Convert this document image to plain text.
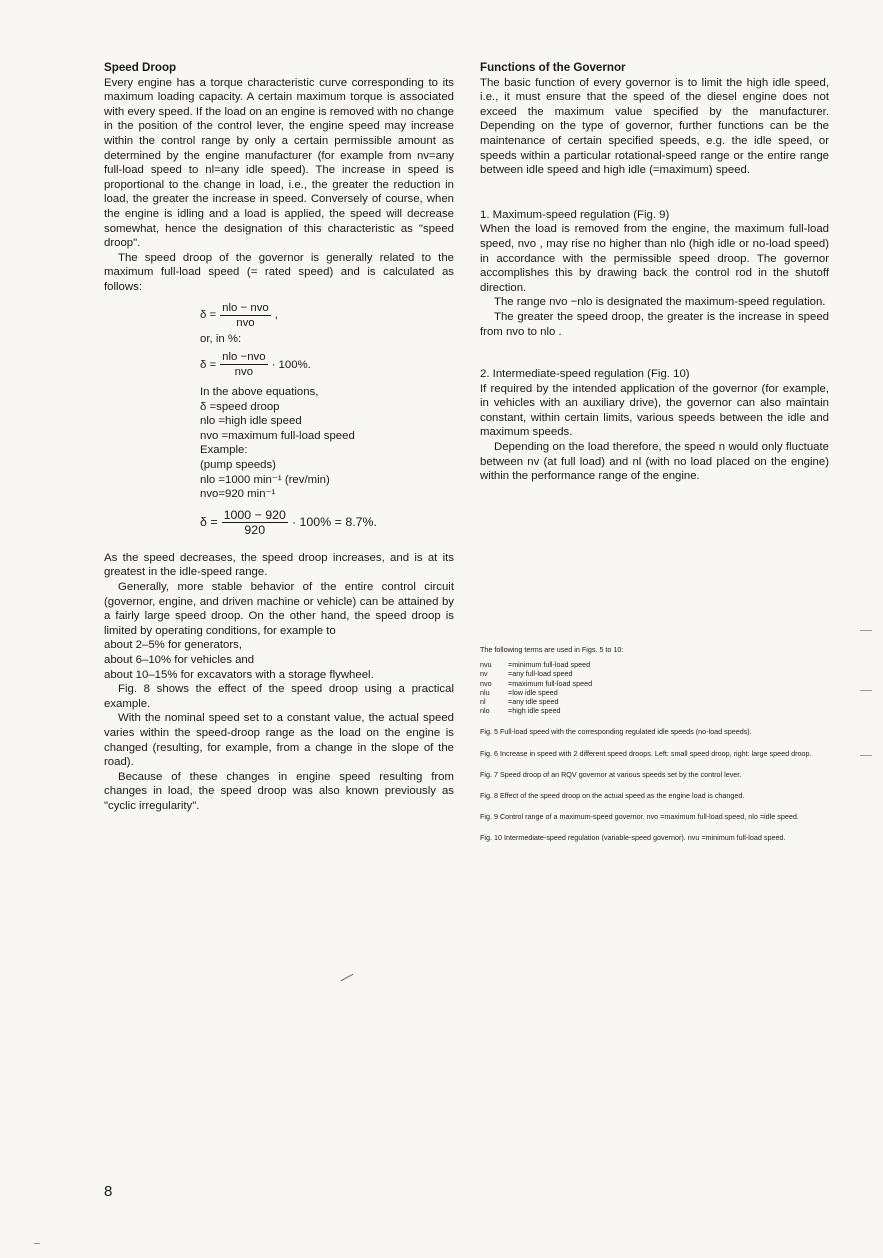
Speed Droop

Every engine has a torque characteristic curve corresponding to its maximum loading capacity. A certain maximum torque is associated with every speed. If the load on an engine is removed with no change in the position of the control lever, the engine speed may increase within the control range by only a certain permissible amount as determined by the engine manufacturer (for example from nv=any full-load speed to nl=any idle speed). The increase in speed is proportional to the change in load, i.e., the greater the reduction in load, the greater the increase in speed. Conversely of course, when the engine is idling and a load is applied, the speed will decrease somewhat, hence the designation of this characteristic as "speed droop".

The speed droop of the governor is generally related to the maximum full-load speed (= rated speed) and is calculated as follows:

$\delta = \frac{\text{nlo − nvo}}{\text{nvo}}$ ,

or, in %:

$\delta = \frac{\text{nlo −nvo}}{\text{nvo}} \cdot 100\%$.

In the above equations,

δ =speed droop

nlo =high idle speed

nvo =maximum full-load speed

Example:

(pump speeds)

nlo =1000 min⁻¹ (rev/min)

nvo=920 min⁻¹

$\delta = \frac{1000 - 920}{920} \cdot 100\% = 8.7\%$.

As the speed decreases, the speed droop increases, and is at its greatest in the idle-speed range.

Generally, more stable behavior of the entire control circuit (governor, engine, and driven machine or vehicle) can be attained by a fairly large speed droop. On the other hand, the speed droop is limited by operating conditions, for example to

about 2–5% for generators,

about 6–10% for vehicles and

about 10–15% for excavators with a storage flywheel.

Fig. 8 shows the effect of the speed droop using a practical example.

With the nominal speed set to a constant value, the actual speed varies within the speed-droop range as the load on the engine is changed (resulting, for example, from a change in the slope of the road).

Because of these changes in engine speed resulting from changes in load, the speed droop was also known previously as "cyclic irregularity".

Functions of the Governor

The basic function of every governor is to limit the high idle speed, i.e., it must ensure that the speed of the diesel engine does not exceed the maximum value specified by the manufacturer. Depending on the type of governor, further functions can be the maintenance of certain specified speeds, e.g. the idle speed, or speeds within a particular rotational-speed range or the entire range between idle speed and high idle (=maximum) speed.

1. Maximum-speed regulation (Fig. 9)

When the load is removed from the engine, the maximum full-load speed, nvo , may rise no higher than nlo (high idle or no-load speed) in accordance with the permissible speed droop. The governor accomplishes this by drawing back the control rod in the shutoff direction.

The range nvo −nlo is designated the maximum-speed regulation.

The greater the speed droop, the greater is the increase in speed from nvo to nlo .

2. Intermediate-speed regulation (Fig. 10)

If required by the intended application of the governor (for example, in vehicles with an auxiliary drive), the governor can also maintain constant, within certain limits, various speeds between the idle and maximum speeds.

Depending on the load therefore, the speed n would only fluctuate between nv (at full load) and nl (with no load placed on the engine) within the performance range of the engine.

The following terms are used in Figs. 5 to 10:

nvu	=minimum full-load speed
nv	=any full-load speed
nvo	=maximum full-load speed
nlu	=low idle speed
nl	=any idle speed
nlo	=high idle speed

Fig. 5 Full-load speed with the corresponding regulated idle speeds (no-load speeds).

Fig. 6 Increase in speed with 2 different speed droops. Left: small speed droop, right: large speed droop.

Fig. 7 Speed droop of an RQV governor at various speeds set by the control lever.

Fig. 8 Effect of the speed droop on the actual speed as the engine load is changed.

Fig. 9 Control range of a maximum-speed governor. nvo =maximum full-load speed, nlo =idle speed.

Fig. 10 Intermediate-speed regulation (variable-speed governor). nvu =minimum full-load speed.

8
